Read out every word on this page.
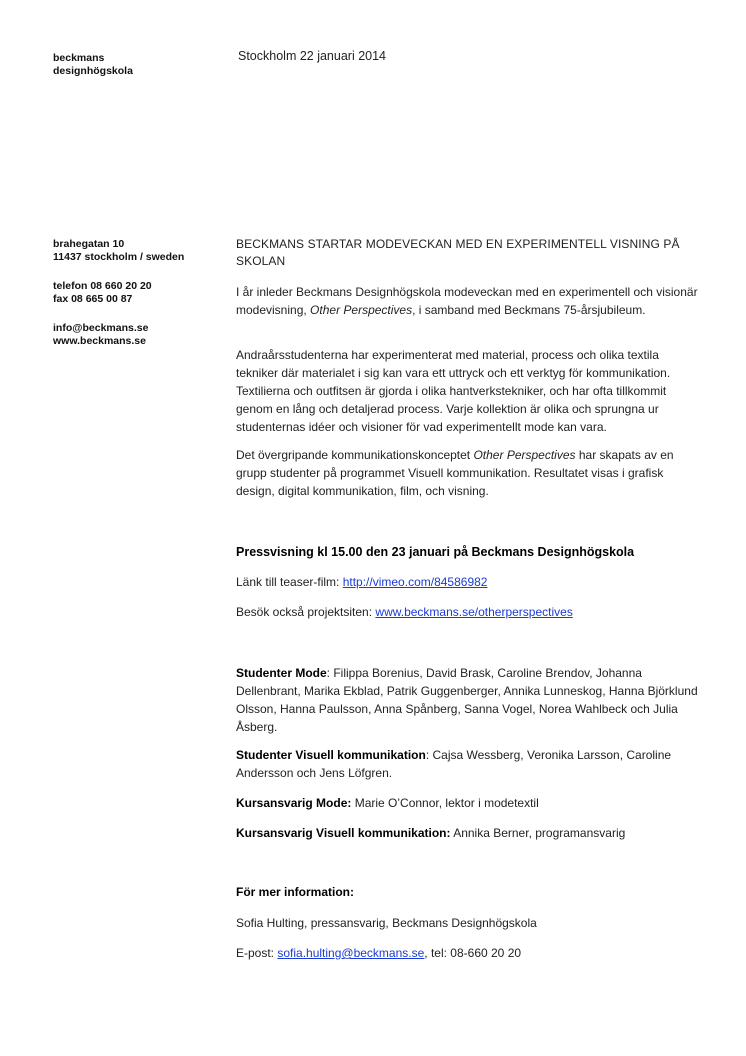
beckmans
designhögskola
Stockholm 22 januari 2014
brahegatan 10
11437 stockholm / sweden
telefon 08 660 20 20
fax 08 665 00 87
info@beckmans.se
www.beckmans.se
BECKMANS STARTAR MODEVECKAN MED EN EXPERIMENTELL VISNING PÅ SKOLAN

I år inleder Beckmans Designhögskola modeveckan med en experimentell och visionär modevisning, Other Perspectives, i samband med Beckmans 75-årsjubileum.

Andraårsstudenterna har experimenterat med material, process och olika textila tekniker där materialet i sig kan vara ett uttryck och ett verktyg för kommunikation. Textilierna och outfitsen är gjorda i olika hantverkstekniker, och har ofta tillkommit genom en lång och detaljerad process. Varje kollektion är olika och sprungna ur studenternas idéer och visioner för vad experimentellt mode kan vara.

Det övergripande kommunikationskonceptet Other Perspectives har skapats av en grupp studenter på programmet Visuell kommunikation. Resultatet visas i grafisk design, digital kommunikation, film, och visning.

Pressvisning kl 15.00 den 23 januari på Beckmans Designhögskola
Länk till teaser-film: http://vimeo.com/84586982
Besök också projektsiten: www.beckmans.se/otherperspectives

Studenter Mode: Filippa Borenius, David Brask, Caroline Brendov, Johanna Dellenbrant, Marika Ekblad, Patrik Guggenberger, Annika Lunneskog, Hanna Björklund Olsson, Hanna Paulsson, Anna Spånberg, Sanna Vogel, Norea Wahlbeck och Julia Åsberg.

Studenter Visuell kommunikation: Cajsa Wessberg, Veronika Larsson, Caroline Andersson och Jens Löfgren.

Kursansvarig Mode: Marie O’Connor, lektor i modetextil
Kursansvarig Visuell kommunikation: Annika Berner, programansvarig
För mer information:
Sofia Hulting, pressansvarig, Beckmans Designhögskola
E-post: sofia.hulting@beckmans.se, tel: 08-660 20 20
